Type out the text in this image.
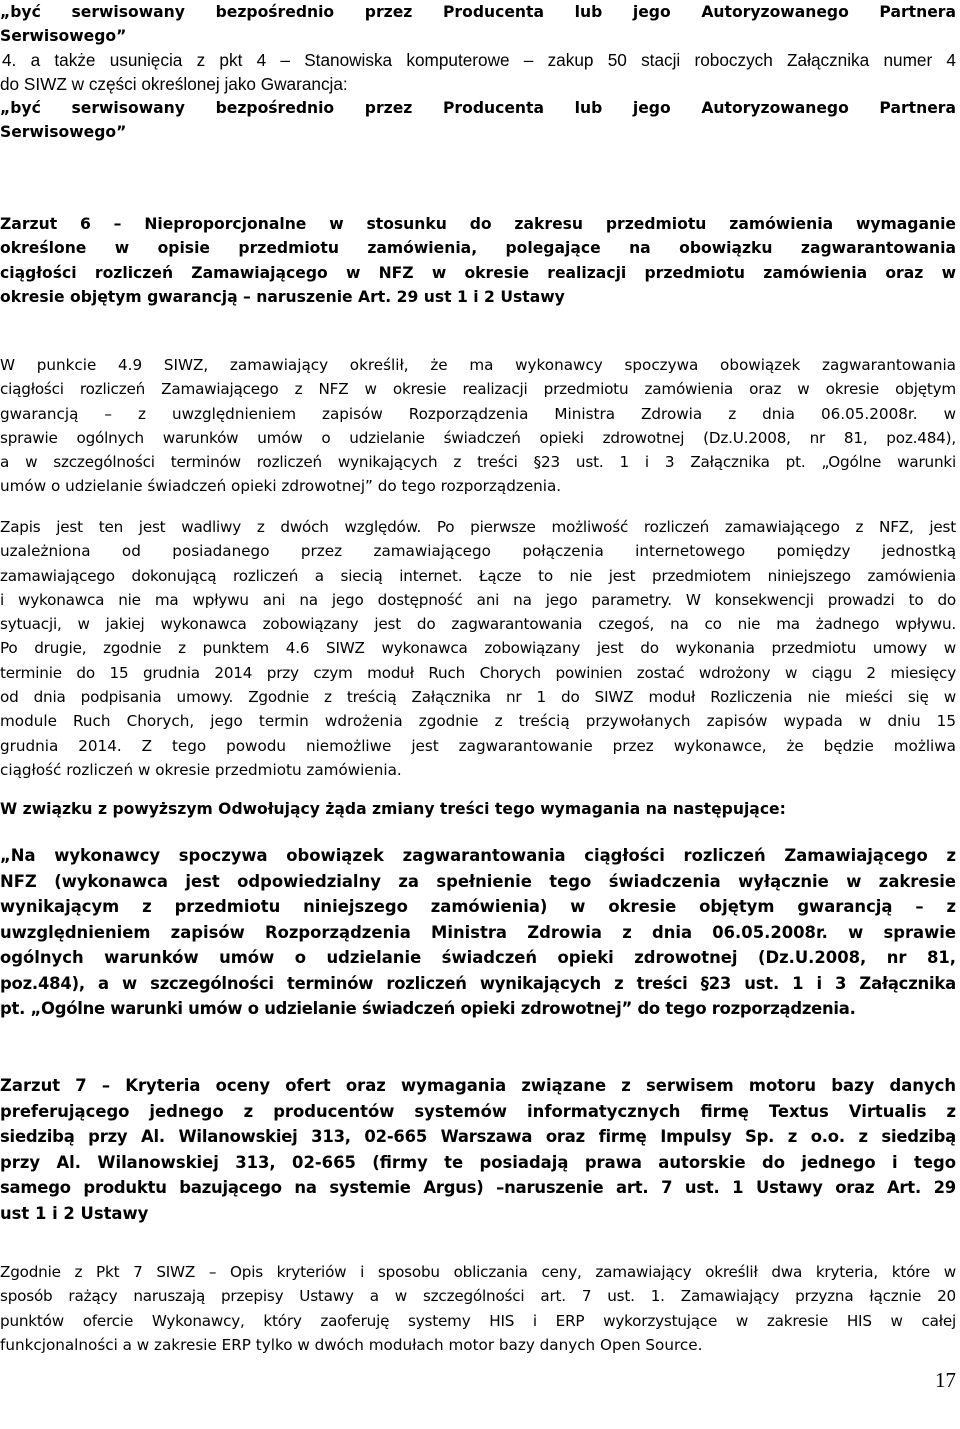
„być serwisowany bezpośrednio przez Producenta lub jego Autoryzowanego Partnera
Serwisowego”
4. a także usunięcia z pkt 4 – Stanowiska komputerowe – zakup 50 stacji roboczych Załącznika numer 4
do SIWZ w części określonej jako Gwarancja:
„być serwisowany bezpośrednio przez Producenta lub jego Autoryzowanego Partnera
Serwisowego”
Zarzut 6 – Nieproporcjonalne w stosunku do zakresu przedmiotu zamówienia wymaganie
określone w opisie przedmiotu zamówienia, polegające na obowiązku zagwarantowania
ciągłości rozliczeń Zamawiającego w NFZ w okresie realizacji przedmiotu zamówienia oraz w
okresie objętym gwarancją – naruszenie Art. 29 ust 1 i 2 Ustawy
W punkcie 4.9 SIWZ, zamawiający określił, że ma wykonawcy spoczywa obowiązek zagwarantowania
ciągłości rozliczeń Zamawiającego z NFZ w okresie realizacji przedmiotu zamówienia oraz w okresie objętym
gwarancją – z uwzględnieniem zapisów Rozporządzenia Ministra Zdrowia z dnia 06.05.2008r. w
sprawie ogólnych warunków umów o udzielanie świadczeń opieki zdrowotnej (Dz.U.2008, nr 81, poz.484),
a w szczególności terminów rozliczeń wynikających z treści §23 ust. 1 i 3 Załącznika pt. „Ogólne warunki
umów o udzielanie świadczeń opieki zdrowotnej” do tego rozporządzenia.
Zapis jest ten jest wadliwy z dwóch względów. Po pierwsze możliwość rozliczeń zamawiającego z NFZ, jest
uzależniona od posiadanego przez zamawiającego połączenia internetowego pomiędzy jednostką
zamawiającego dokonującą rozliczeń a siecią internet. Łącze to nie jest przedmiotem niniejszego zamówienia
i wykonawca nie ma wpływu ani na jego dostępność ani na jego parametry. W konsekwencji prowadzi to do
sytuacji, w jakiej wykonawca zobowiązany jest do zagwarantowania czegoś, na co nie ma żadnego wpływu.
Po drugie, zgodnie z punktem 4.6 SIWZ wykonawca zobowiązany jest do wykonania przedmiotu umowy w
terminie do 15 grudnia 2014 przy czym moduł Ruch Chorych powinien zostać wdrożony w ciągu 2 miesięcy
od dnia podpisania umowy. Zgodnie z treścią Załącznika nr 1 do SIWZ moduł Rozliczenia nie mieści się w
module Ruch Chorych, jego termin wdrożenia zgodnie z treścią przywołanych zapisów wypada w dniu 15
grudnia 2014. Z tego powodu niemożliwe jest zagwarantowanie przez wykonawce, że będzie możliwa
ciągłość rozliczeń w okresie przedmiotu zamówienia.
W związku z powyższym Odwołujący żąda zmiany treści tego wymagania na następujące:
„Na wykonawcy spoczywa obowiązek zagwarantowania ciągłości rozliczeń Zamawiającego z
NFZ (wykonawca jest odpowiedzialny za spełnienie tego świadczenia wyłącznie w zakresie
wynikającym z przedmiotu niniejszego zamówienia) w okresie objętym gwarancją – z
uwzględnieniem zapisów Rozporządzenia Ministra Zdrowia z dnia 06.05.2008r. w sprawie
ogólnych warunków umów o udzielanie świadczeń opieki zdrowotnej (Dz.U.2008, nr 81,
poz.484), a w szczególności terminów rozliczeń wynikających z treści §23 ust. 1 i 3 Załącznika
pt. „Ogólne warunki umów o udzielanie świadczeń opieki zdrowotnej” do tego rozporządzenia.
Zarzut 7 – Kryteria oceny ofert oraz wymagania związane z serwisem motoru bazy danych
preferującego jednego z producentów systemów informatycznych firmę Textus Virtualis z
siedzibą przy Al. Wilanowskiej 313, 02-665 Warszawa oraz firmę Impulsy Sp. z o.o. z siedzibą
przy Al. Wilanowskiej 313, 02-665 (firmy te posiadają prawa autorskie do jednego i tego
samego produktu bazującego na systemie Argus) –naruszenie art. 7 ust. 1 Ustawy oraz Art. 29
ust 1 i 2 Ustawy
Zgodnie z Pkt 7 SIWZ – Opis kryteriów i sposobu obliczania ceny, zamawiający określił dwa kryteria, które w
sposób rażący naruszają przepisy Ustawy a w szczególności art. 7 ust. 1. Zamawiający przyzna łącznie 20
punktów ofercie Wykonawcy, który zaoferuję systemy HIS i ERP wykorzystujące w zakresie HIS w całej
funkcjonalności a w zakresie ERP tylko w dwóch modułach motor bazy danych Open Source.
17
